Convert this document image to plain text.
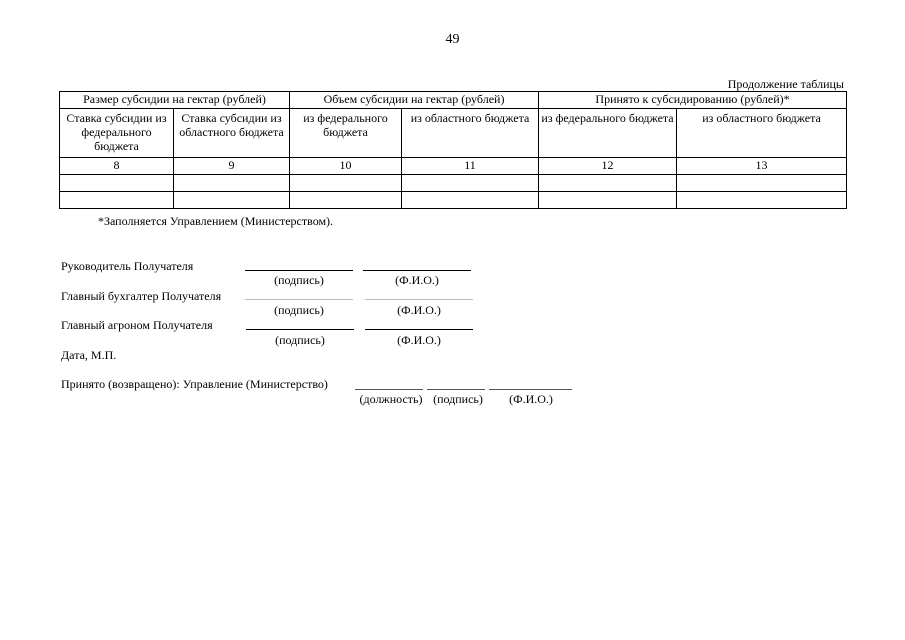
49
Продолжение таблицы
Размер субсидии на гектар (рублей)		Объем субсидии на гектар (рублей)		Принято к субсидированию (рублей)*	
Ставка субсидии из федерального бюджета	Ставка субсидии из областного бюджета	из федерального бюджета	из областного бюджета	из федерального бюджета	из областного бюджета
8	9	10	11	12	13

*Заполняется Управлением (Министерством).
Руководитель Получателя
(подпись)	(Ф.И.О.)
Главный бухгалтер Получателя
(подпись)	(Ф.И.О.)
Главный агроном Получателя
(подпись)	(Ф.И.О.)
Дата, М.П.
Принято (возвращено): Управление (Министерство)
(должность) (подпись)	(Ф.И.О.)
